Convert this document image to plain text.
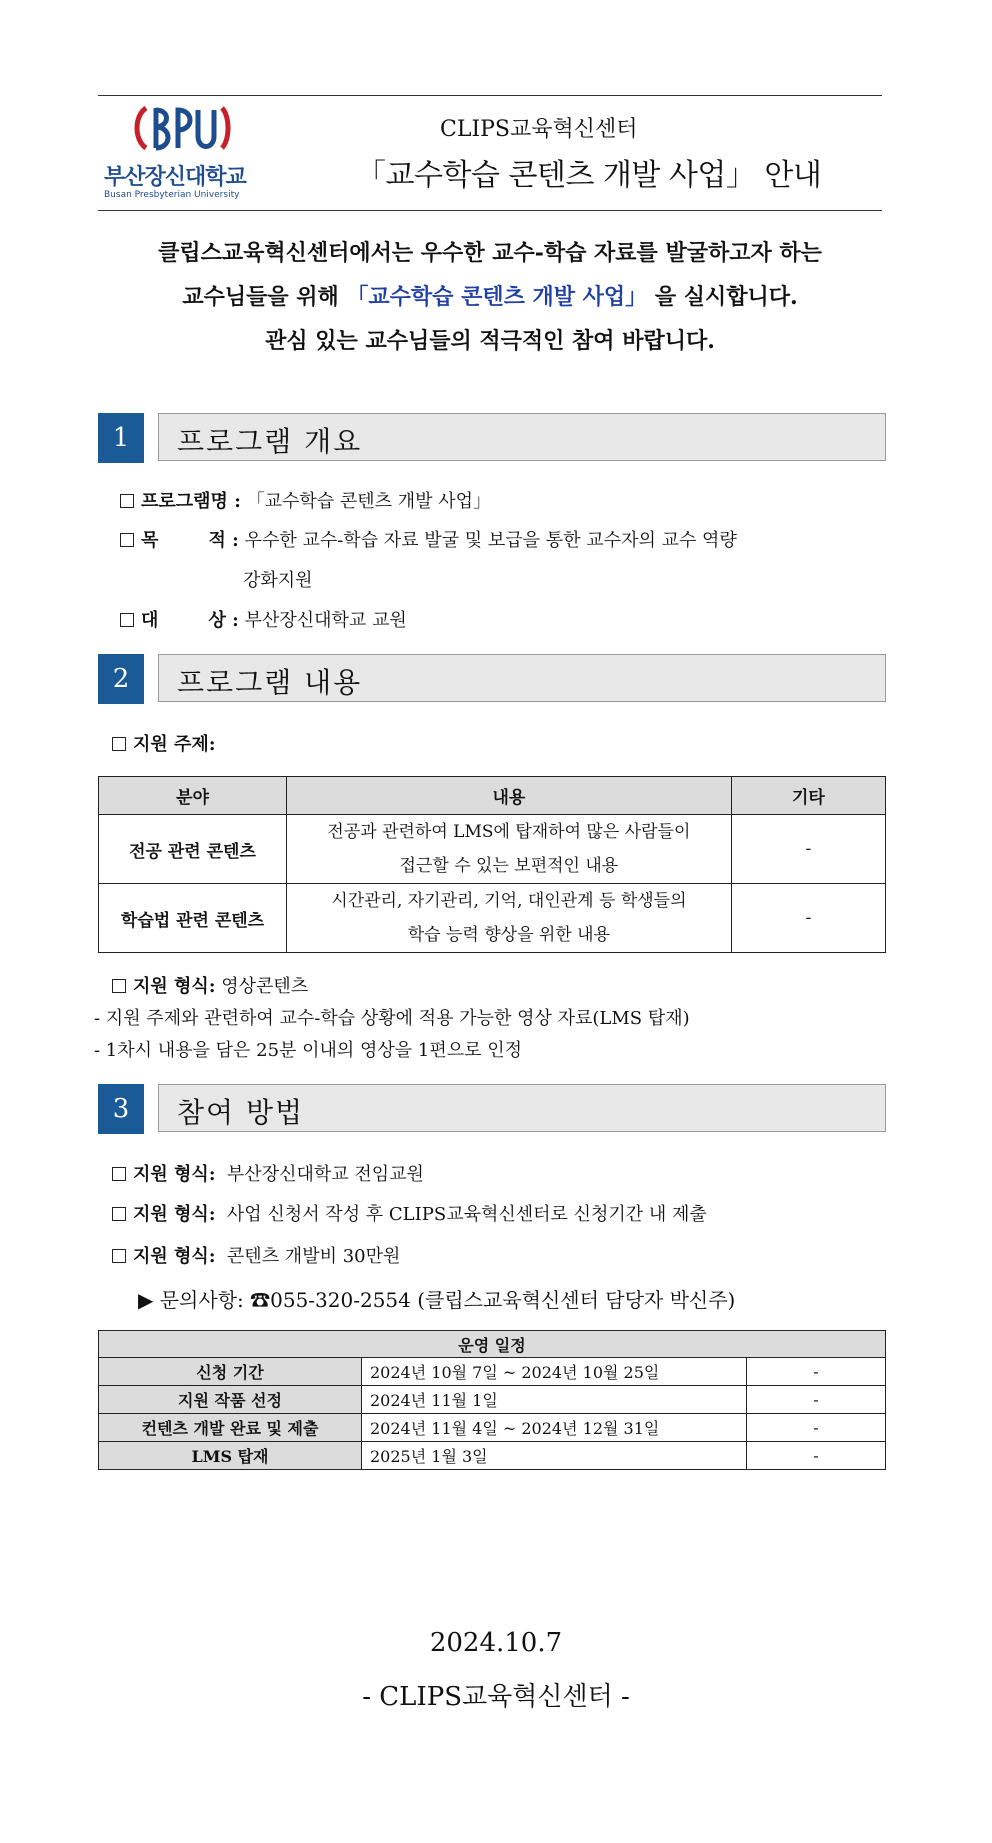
부산장신대학교
Busan Presbyterian University
CLIPS교육혁신센터
「교수학습 콘텐츠 개발 사업」 안내
클립스교육혁신센터에서는 우수한 교수-학습 자료를 발굴하고자 하는
교수님들을 위해 「교수학습 콘텐츠 개발 사업」 을 실시합니다.
관심 있는 교수님들의 적극적인 참여 바랍니다.
1	프로그램 개요
프로그램명 : 「교수학습 콘텐츠 개발 사업」
목        적 : 우수한 교수-학습 자료 발굴 및 보급을 통한 교수자의 교수 역량
강화지원
대        상 : 부산장신대학교 교원
2	프로그램 내용
지원 주제:
분야	내용	기타
전공 관련 콘텐츠	전공과 관련하여 LMS에 탑재하여 많은 사람들이
접근할 수 있는 보편적인 내용	-
학습법 관련 콘텐츠	시간관리, 자기관리, 기억, 대인관계 등 학생들의
학습 능력 향상을 위한 내용	-
지원 형식: 영상콘텐츠
- 지원 주제와 관련하여 교수-학습 상황에 적용 가능한 영상 자료(LMS 탑재)
- 1차시 내용을 담은 25분 이내의 영상을 1편으로 인정
3	참여 방법
지원 형식: 부산장신대학교 전임교원
지원 형식: 사업 신청서 작성 후 CLIPS교육혁신센터로 신청기간 내 제출
지원 형식: 콘텐츠 개발비 30만원
▶ 문의사항: ☎055-320-2554 (클립스교육혁신센터 담당자 박신주)
운영 일정		
신청 기간	2024년 10월 7일 ~ 2024년 10월 25일	-
지원 작품 선정	2024년 11월 1일	-
컨텐츠 개발 완료 및 제출	2024년 11월 4일 ~ 2024년 12월 31일	-
LMS 탑재	2025년 1월 3일	-
2024.10.7
- CLIPS교육혁신센터 -
